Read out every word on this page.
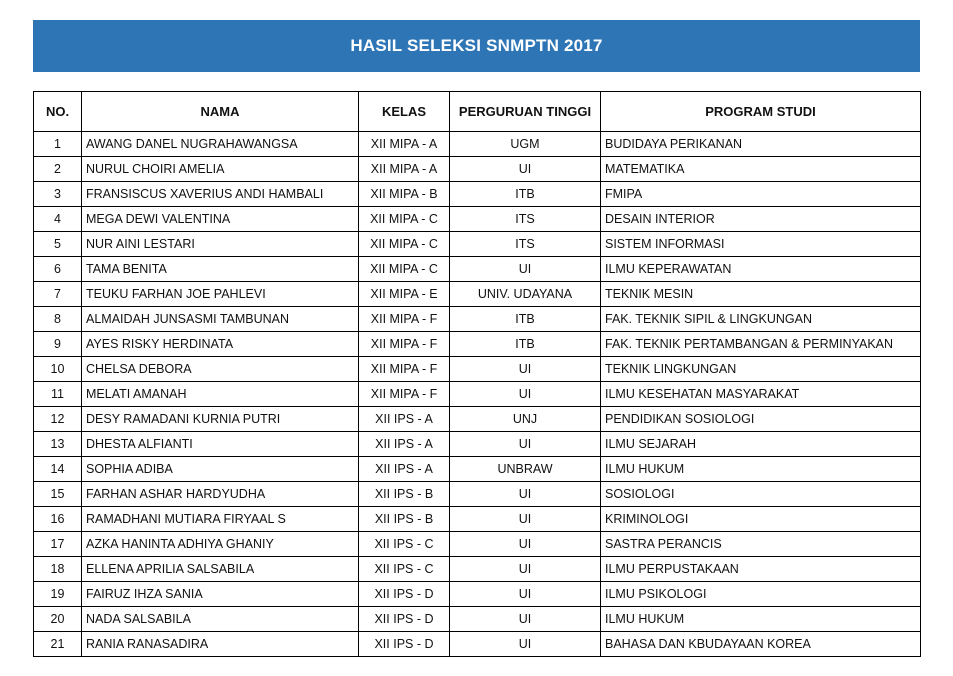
HASIL SELEKSI SNMPTN 2017
NO.	NAMA	KELAS	PERGURUAN TINGGI	PROGRAM STUDI
1	AWANG DANEL NUGRAHAWANGSA	XII MIPA - A	UGM	BUDIDAYA PERIKANAN
2	NURUL CHOIRI AMELIA	XII MIPA - A	UI	MATEMATIKA
3	FRANSISCUS XAVERIUS ANDI HAMBALI	XII MIPA - B	ITB	FMIPA
4	MEGA DEWI VALENTINA	XII MIPA - C	ITS	DESAIN INTERIOR
5	NUR AINI LESTARI	XII MIPA - C	ITS	SISTEM INFORMASI
6	TAMA BENITA	XII MIPA - C	UI	ILMU KEPERAWATAN
7	TEUKU FARHAN JOE PAHLEVI	XII MIPA - E	UNIV. UDAYANA	TEKNIK MESIN
8	ALMAIDAH JUNSASMI TAMBUNAN	XII MIPA - F	ITB	FAK. TEKNIK SIPIL & LINGKUNGAN
9	AYES RISKY HERDINATA	XII MIPA - F	ITB	FAK. TEKNIK PERTAMBANGAN & PERMINYAKAN
10	CHELSA DEBORA	XII MIPA - F	UI	TEKNIK LINGKUNGAN
11	MELATI AMANAH	XII MIPA - F	UI	ILMU KESEHATAN MASYARAKAT
12	DESY RAMADANI KURNIA PUTRI	XII IPS - A	UNJ	PENDIDIKAN SOSIOLOGI
13	DHESTA ALFIANTI	XII IPS - A	UI	ILMU SEJARAH
14	SOPHIA ADIBA	XII IPS - A	UNBRAW	ILMU HUKUM
15	FARHAN ASHAR HARDYUDHA	XII IPS - B	UI	SOSIOLOGI
16	RAMADHANI MUTIARA FIRYAAL S	XII IPS - B	UI	KRIMINOLOGI
17	AZKA HANINTA ADHIYA GHANIY	XII IPS - C	UI	SASTRA PERANCIS
18	ELLENA APRILIA SALSABILA	XII IPS - C	UI	ILMU PERPUSTAKAAN
19	FAIRUZ IHZA SANIA	XII IPS - D	UI	ILMU PSIKOLOGI
20	NADA SALSABILA	XII IPS - D	UI	ILMU HUKUM
21	RANIA RANASADIRA	XII IPS - D	UI	BAHASA DAN KBUDAYAAN KOREA
